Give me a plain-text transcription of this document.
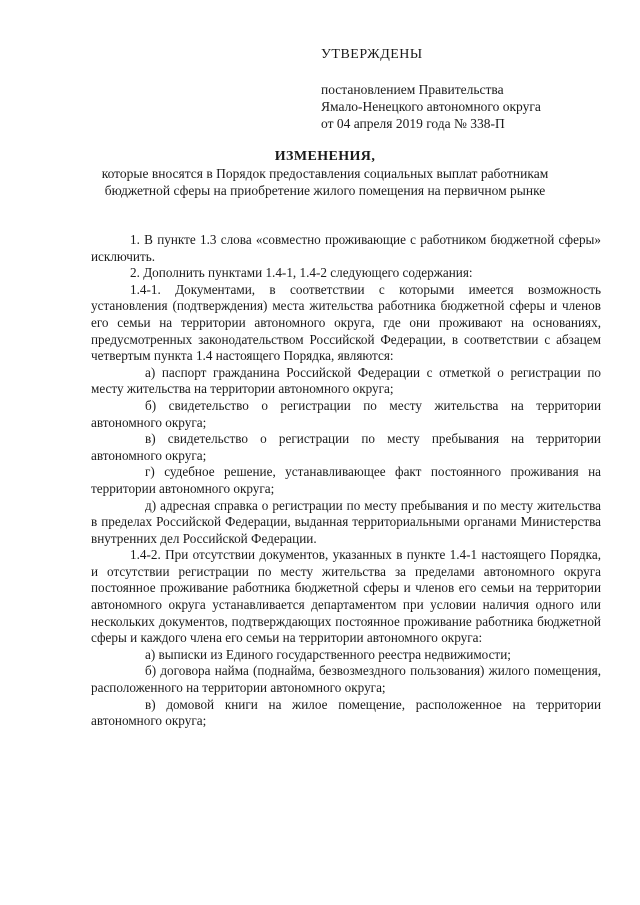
УТВЕРЖДЕНЫ
постановлением Правительства
Ямало-Ненецкого автономного округа
от 04 апреля 2019 года № 338-П
ИЗМЕНЕНИЯ,
которые вносятся в Порядок предоставления социальных выплат работникам бюджетной сферы на приобретение жилого помещения на первичном рынке

1. В пункте 1.3 слова «совместно проживающие с работником бюджетной сферы» исключить.

2. Дополнить пунктами 1.4-1, 1.4-2 следующего содержания:

1.4-1. Документами, в соответствии с которыми имеется возможность установления (подтверждения) места жительства работника бюджетной сферы и членов его семьи на территории автономного округа, где они проживают на основаниях, предусмотренных законодательством Российской Федерации, в соответствии с абзацем четвертым пункта 1.4 настоящего Порядка, являются:

а) паспорт гражданина Российской Федерации с отметкой о регистрации по месту жительства на территории автономного округа;

б) свидетельство о регистрации по месту жительства на территории автономного округа;

в) свидетельство о регистрации по месту пребывания на территории автономного округа;

г) судебное решение, устанавливающее факт постоянного проживания на территории автономного округа;

д) адресная справка о регистрации по месту пребывания и по месту жительства в пределах Российской Федерации, выданная территориальными органами Министерства внутренних дел Российской Федерации.

1.4-2. При отсутствии документов, указанных в пункте 1.4-1 настоящего Порядка, и отсутствии регистрации по месту жительства за пределами автономного округа постоянное проживание работника бюджетной сферы и членов его семьи на территории автономного округа устанавливается департаментом при условии наличия одного или нескольких документов, подтверждающих постоянное проживание работника бюджетной сферы и каждого члена его семьи на территории автономного округа:

а) выписки из Единого государственного реестра недвижимости;

б) договора найма (поднайма, безвозмездного пользования) жилого помещения, расположенного на территории автономного округа;

в) домовой книги на жилое помещение, расположенное на территории автономного округа;
